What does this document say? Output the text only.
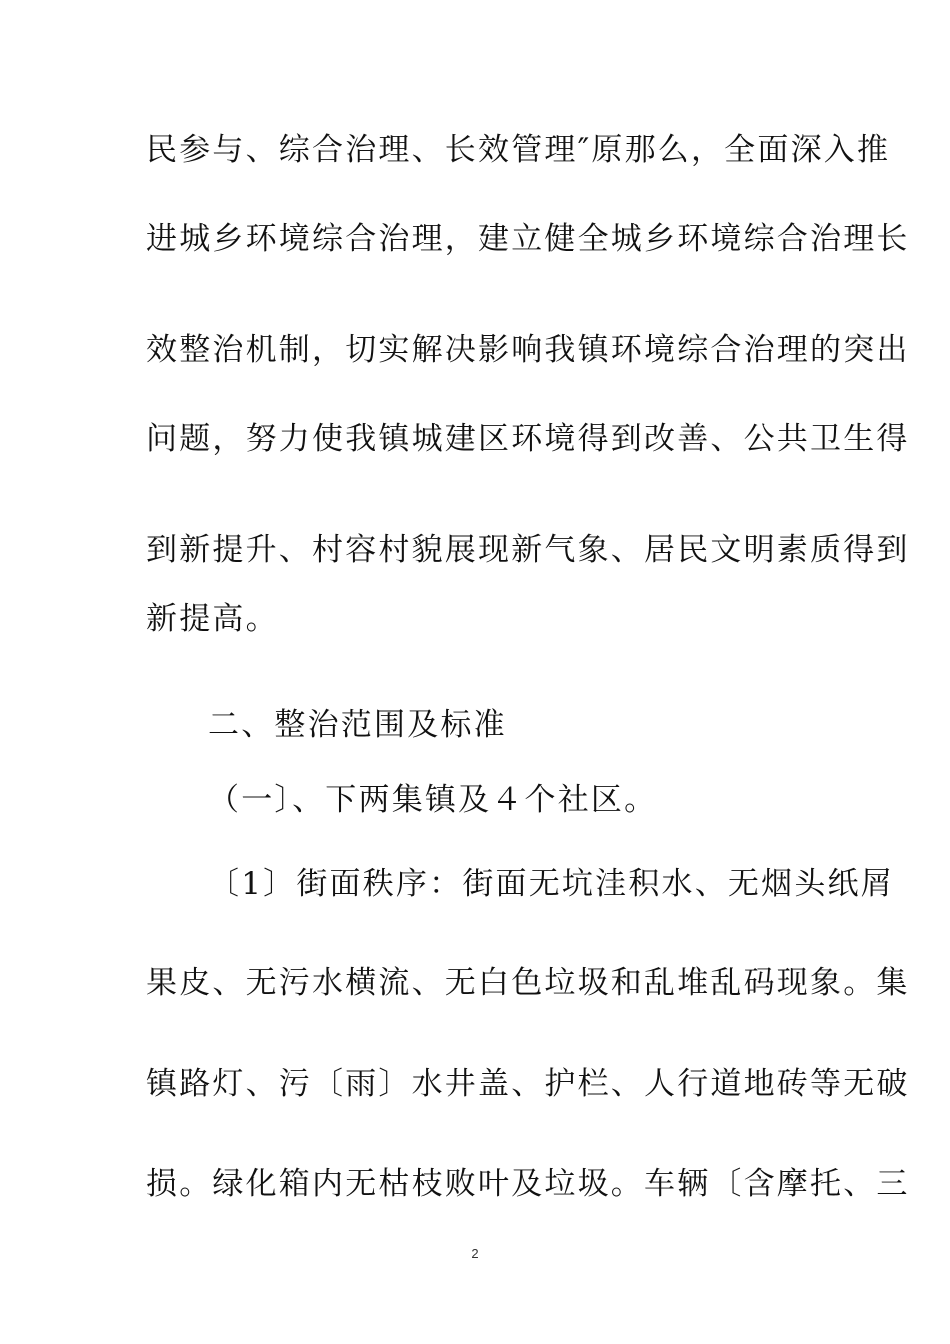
民参与、综合治理、长效管理″原那么，全面深入推
进城乡环境综合治理，建立健全城乡环境综合治理长
效整治机制，切实解决影响我镇环境综合治理的突出
问题，努力使我镇城建区环境得到改善、公共卫生得
到新提升、村容村貌展现新气象、居民文明素质得到
新提高。
二、整治范围及标准
（一〕、下两集镇及４个社区。
〔1〕街面秩序：街面无坑洼积水、无烟头纸屑
果皮、无污水横流、无白色垃圾和乱堆乱码现象。集
镇路灯、污〔雨〕水井盖、护栏、人行道地砖等无破
损。绿化箱内无枯枝败叶及垃圾。车辆〔含摩托、三
2
